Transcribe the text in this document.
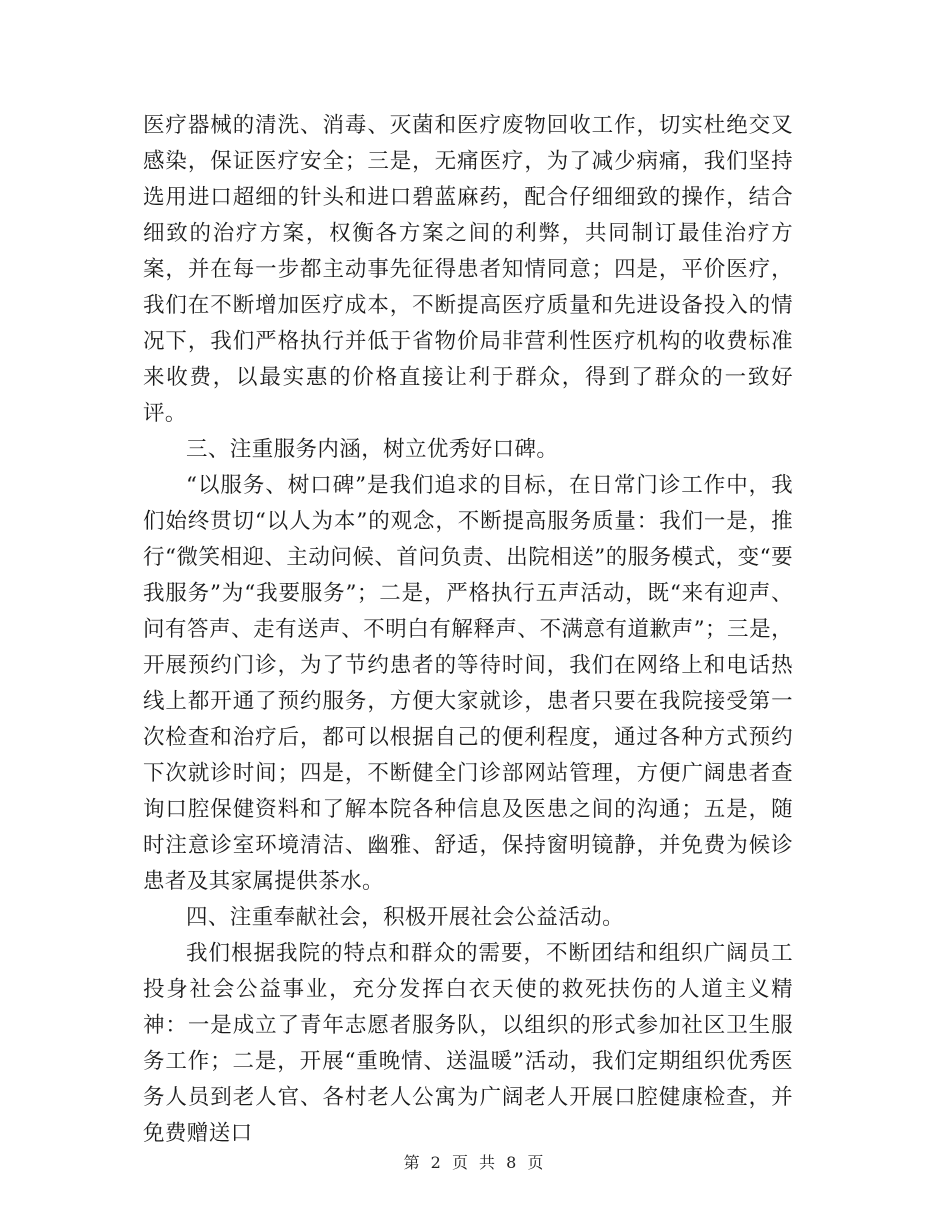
医疗器械的清洗、消毒、灭菌和医疗废物回收工作，切实杜绝交叉感染，保证医疗安全；三是，无痛医疗，为了减少病痛，我们坚持选用进口超细的针头和进口碧蓝麻药，配合仔细细致的操作，结合细致的治疗方案，权衡各方案之间的利弊，共同制订最佳治疗方案，并在每一步都主动事先征得患者知情同意；四是，平价医疗，我们在不断增加医疗成本，不断提高医疗质量和先进设备投入的情况下，我们严格执行并低于省物价局非营利性医疗机构的收费标准来收费，以最实惠的价格直接让利于群众，得到了群众的一致好评。

三、注重服务内涵，树立优秀好口碑。

“以服务、树口碑”是我们追求的目标，在日常门诊工作中，我们始终贯切“以人为本”的观念，不断提高服务质量：我们一是，推行“微笑相迎、主动问候、首问负责、出院相送”的服务模式，变“要我服务”为“我要服务”；二是，严格执行五声活动，既“来有迎声、问有答声、走有送声、不明白有解释声、不满意有道歉声”；三是，开展预约门诊，为了节约患者的等待时间，我们在网络上和电话热线上都开通了预约服务，方便大家就诊，患者只要在我院接受第一次检查和治疗后，都可以根据自己的便利程度，通过各种方式预约下次就诊时间；四是，不断健全门诊部网站管理，方便广阔患者查询口腔保健资料和了解本院各种信息及医患之间的沟通；五是，随时注意诊室环境清洁、幽雅、舒适，保持窗明镜静，并免费为候诊患者及其家属提供茶水。

四、注重奉献社会，积极开展社会公益活动。

我们根据我院的特点和群众的需要，不断团结和组织广阔员工投身社会公益事业，充分发挥白衣天使的救死扶伤的人道主义精神：一是成立了青年志愿者服务队，以组织的形式参加社区卫生服务工作；二是，开展“重晚情、送温暖”活动，我们定期组织优秀医务人员到老人官、各村老人公寓为广阔老人开展口腔健康检查，并免费赠送口

第 2 页 共 8 页
